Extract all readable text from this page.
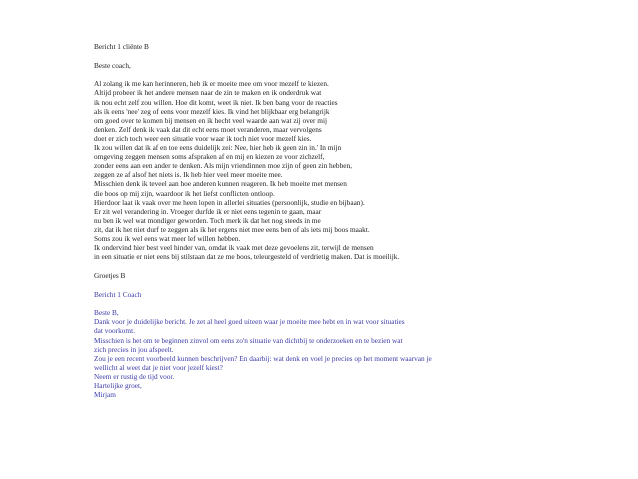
Bericht 1 cliënte B
Beste coach,
Al zolang ik me kan herinneren, heb ik er moeite mee om voor mezelf te kiezen.
Altijd probeer ik het andere mensen naar de zin te maken en ik onderdruk wat
ik nou echt zelf zou willen. Hoe dit komt, weet ik niet. Ik ben bang voor de reacties
als ik eens 'nee' zeg of eens voor mezelf kies. Ik vind het blijkbaar erg belangrijk
om goed over te komen bij mensen en ik hecht veel waarde aan wat zij over mij
denken. Zelf denk ik vaak dat dit echt eens moet veranderen, maar vervolgens
doet er zich toch weer een situatie voor waar ik toch niet voor mezelf kies.
Ik zou willen dat ik af en toe eens duidelijk zei: Nee, hier heb ik geen zin in.' In mijn
omgeving zeggen mensen soms afspraken af en mij en kiezen ze voor zichzelf,
zonder eens aan een ander te denken. Als mijn vriendinnen moe zijn of geen zin hebben,
zeggen ze af alsof het niets is. Ik heb hier veel meer moeite mee.
Misschien denk ik teveel aan hoe anderen kunnen reageren. Ik heb moeite met mensen
die boos op mij zijn, waardoor ik het liefst conflicten ontloop.
Hierdoor laat ik vaak over me heen lopen in allerlei situaties (persoonlijk, studie en bijbaan).
Er zit wel verandering in. Vroeger durfde ik er niet eens tegenin te gaan, maar
nu ben ik wel wat mondiger geworden. Toch merk ik dat het nog steeds in me
zit, dat ik het niet durf te zeggen als ik het ergens niet mee eens ben of als iets mij boos maakt.
Soms zou ik wel eens wat meer lef willen hebben.
Ik ondervind hier best veel hinder van, omdat ik vaak met deze gevoelens zit, terwijl de mensen
in een situatie er niet eens bij stilstaan dat ze me boos, teleurgesteld of verdrietig maken. Dat is moeilijk.
Groetjes B
Bericht 1 Coach
Beste B,
Dank voor je duidelijke bericht. Je zet al heel goed uiteen waar je moeite mee hebt en in wat voor situaties
dat voorkomt.
Misschien is het om te beginnen zinvol om eens zo'n situatie van dichtbij te onderzoeken en te bezien wat
zich precies in jou afspeelt.
Zou je een recent voorbeeld kunnen beschrijven? En daarbij: wat denk en voel je precies op het moment waarvan je
wellicht al weet dat je niet voor jezelf kiest?
Neem er rustig de tijd voor.
Hartelijke groet,
Mirjam
